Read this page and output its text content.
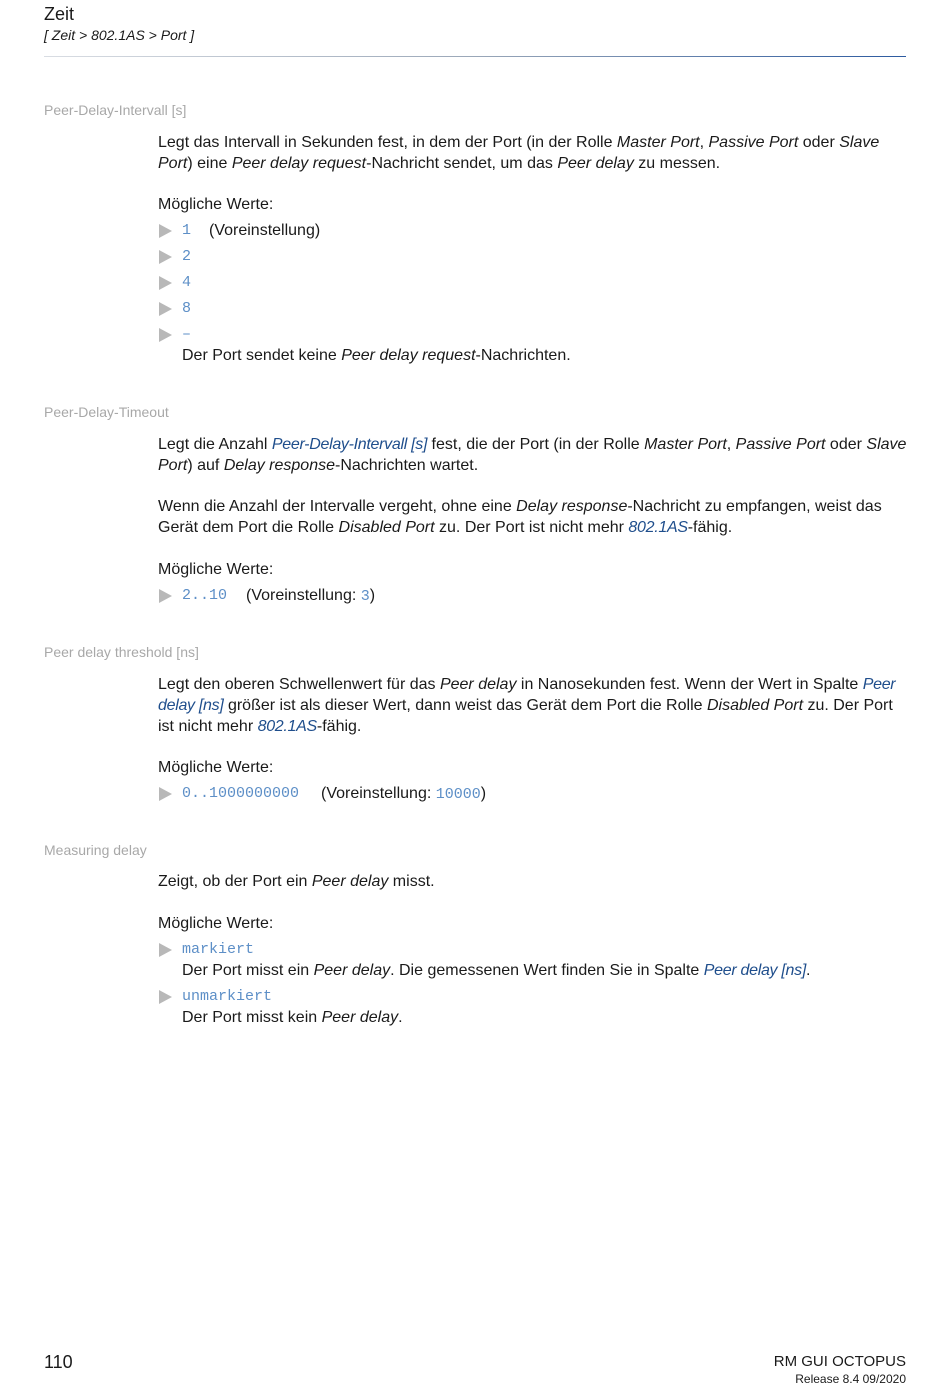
Zeit
[ Zeit > 802.1AS > Port ]
Peer-Delay-Intervall [s]
Legt das Intervall in Sekunden fest, in dem der Port (in der Rolle Master Port, Passive Port oder Slave Port) eine Peer delay request-Nachricht sendet, um das Peer delay zu messen.
Mögliche Werte:
1 (Voreinstellung)
2
4
8
–
Der Port sendet keine Peer delay request-Nachrichten.
Peer-Delay-Timeout
Legt die Anzahl Peer-Delay-Intervall [s] fest, die der Port (in der Rolle Master Port, Passive Port oder Slave Port) auf Delay response-Nachrichten wartet.
Wenn die Anzahl der Intervalle vergeht, ohne eine Delay response-Nachricht zu empfangen, weist das Gerät dem Port die Rolle Disabled Port zu. Der Port ist nicht mehr 802.1AS-fähig.
Mögliche Werte:
2..10 (Voreinstellung: 3)
Peer delay threshold [ns]
Legt den oberen Schwellenwert für das Peer delay in Nanosekunden fest. Wenn der Wert in Spalte Peer delay [ns] größer ist als dieser Wert, dann weist das Gerät dem Port die Rolle Disabled Port zu. Der Port ist nicht mehr 802.1AS-fähig.
Mögliche Werte:
0..1000000000 (Voreinstellung: 10000)
Measuring delay
Zeigt, ob der Port ein Peer delay misst.
Mögliche Werte:
markiert
Der Port misst ein Peer delay. Die gemessenen Wert finden Sie in Spalte Peer delay [ns].
unmarkiert
Der Port misst kein Peer delay.
110	RM GUI OCTOPUS
Release 8.4 09/2020
